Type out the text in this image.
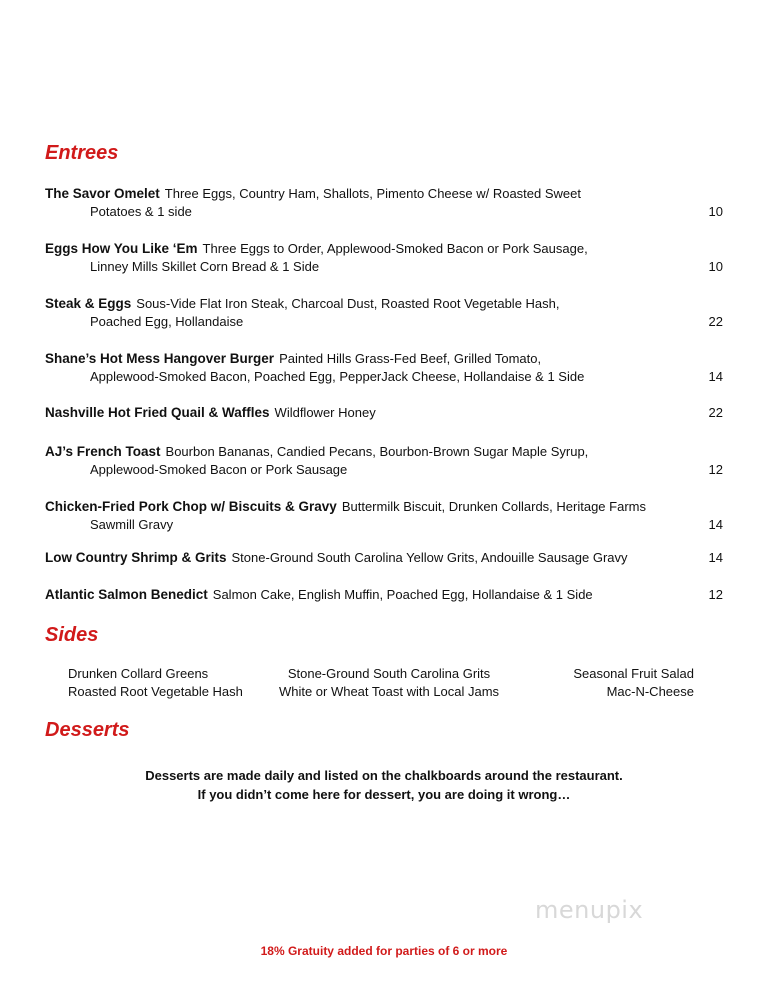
Entrees
The Savor Omelet Three Eggs, Country Ham, Shallots, Pimento Cheese w/ Roasted Sweet
Potatoes & 1 side	10
Eggs How You Like ‘Em Three Eggs to Order, Applewood-Smoked Bacon or Pork Sausage,
Linney Mills Skillet Corn Bread & 1 Side	10
Steak & Eggs Sous-Vide Flat Iron Steak, Charcoal Dust, Roasted Root Vegetable Hash,
Poached Egg, Hollandaise	22
Shane’s Hot Mess Hangover Burger Painted Hills Grass-Fed Beef, Grilled Tomato,
Applewood-Smoked Bacon, Poached Egg, PepperJack Cheese, Hollandaise & 1 Side	14
Nashville Hot Fried Quail & Waffles Wildflower Honey	22
AJ’s French Toast Bourbon Bananas, Candied Pecans, Bourbon-Brown Sugar Maple Syrup,
Applewood-Smoked Bacon or Pork Sausage	12
Chicken-Fried Pork Chop w/ Biscuits & Gravy Buttermilk Biscuit, Drunken Collards, Heritage Farms
Sawmill Gravy	14
Low Country Shrimp & Grits Stone-Ground South Carolina Yellow Grits, Andouille Sausage Gravy	14
Atlantic Salmon Benedict Salmon Cake, English Muffin, Poached Egg, Hollandaise & 1 Side	12
Sides
Drunken Collard Greens
Roasted Root Vegetable Hash
Stone-Ground South Carolina Grits
White or Wheat Toast with Local Jams
Seasonal Fruit Salad
Mac-N-Cheese
Desserts
Desserts are made daily and listed on the chalkboards around the restaurant.
If you didn’t come here for dessert, you are doing it wrong…
menupix
18% Gratuity added for parties of 6 or more
